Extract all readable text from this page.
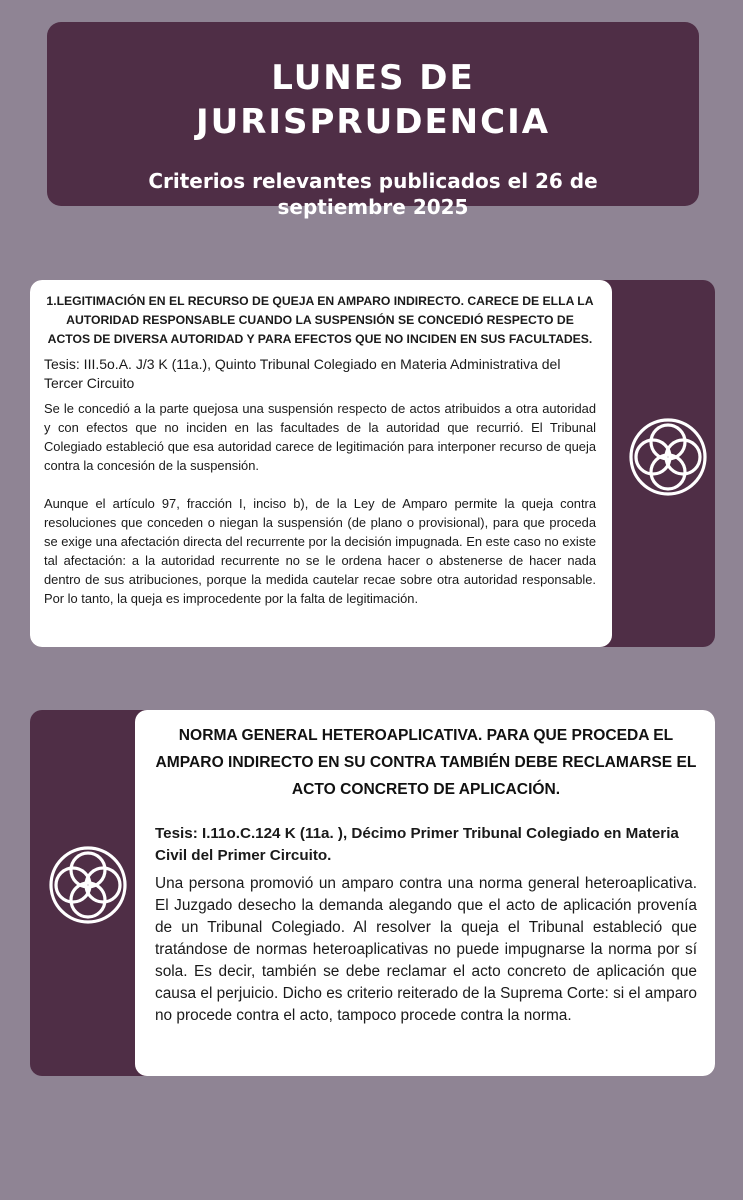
LUNES DE JURISPRUDENCIA
Criterios relevantes publicados el 26 de septiembre 2025

1.LEGITIMACIÓN EN EL RECURSO DE QUEJA EN AMPARO INDIRECTO. CARECE DE ELLA LA AUTORIDAD RESPONSABLE CUANDO LA SUSPENSIÓN SE CONCEDIÓ RESPECTO DE ACTOS DE DIVERSA AUTORIDAD Y PARA EFECTOS QUE NO INCIDEN EN SUS FACULTADES.

Tesis: III.5o.A. J/3 K (11a.), Quinto Tribunal Colegiado en Materia Administrativa del Tercer Circuito

Se le concedió a la parte quejosa una suspensión respecto de actos atribuidos a otra autoridad y con efectos que no inciden en las facultades de la autoridad que recurrió. El Tribunal Colegiado estableció que esa autoridad carece de legitimación para interponer recurso de queja contra la concesión de la suspensión.

Aunque el artículo 97, fracción I, inciso b), de la Ley de Amparo permite la queja contra resoluciones que conceden o niegan la suspensión (de plano o provisional), para que proceda se exige una afectación directa del recurrente por la decisión impugnada. En este caso no existe tal afectación: a la autoridad recurrente no se le ordena hacer o abstenerse de hacer nada dentro de sus atribuciones, porque la medida cautelar recae sobre otra autoridad responsable. Por lo tanto, la queja es improcedente por la falta de legitimación.

NORMA GENERAL HETEROAPLICATIVA. PARA QUE PROCEDA EL AMPARO INDIRECTO EN SU CONTRA TAMBIÉN DEBE RECLAMARSE EL ACTO CONCRETO DE APLICACIÓN.

Tesis: I.11o.C.124 K (11a. ), Décimo Primer Tribunal Colegiado en Materia Civil del Primer Circuito.

Una persona promovió un amparo contra una norma general heteroaplicativa. El Juzgado desecho la demanda alegando que el acto de aplicación provenía de un Tribunal Colegiado. Al resolver la queja el Tribunal estableció que tratándose de normas heteroaplicativas no puede impugnarse la norma por sí sola. Es decir, también se debe reclamar el acto concreto de aplicación que causa el perjuicio. Dicho es criterio reiterado de la Suprema Corte: si el amparo no procede contra el acto, tampoco procede contra la norma.
